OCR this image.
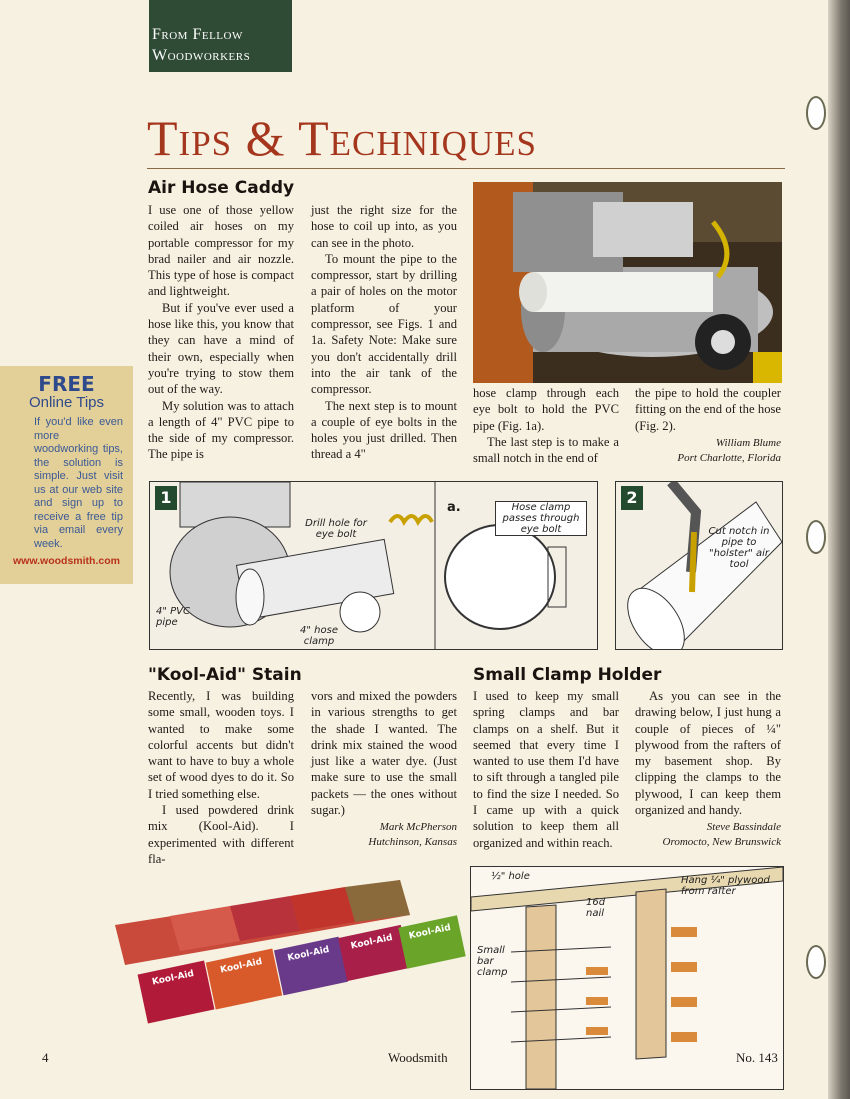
From Fellow
Woodworkers
Tips & Techniques
FREE
Online Tips
If you'd like even more woodworking tips, the solution is simple. Just visit us at our web site and sign up to receive a free tip via email every week.
www.woodsmith.com
Air Hose Caddy

I use one of those yellow coiled air hoses on my portable compressor for my brad nailer and air nozzle. This type of hose is compact and lightweight.

But if you've ever used a hose like this, you know that they can have a mind of their own, especially when you're trying to stow them out of the way.

My solution was to attach a length of 4" PVC pipe to the side of my compressor. The pipe is

just the right size for the hose to coil up into, as you can see in the photo.

To mount the pipe to the compressor, start by drilling a pair of holes on the motor platform of your compressor, see Figs. 1 and 1a. Safety Note: Make sure you don't accidentally drill into the air tank of the compressor.

The next step is to mount a couple of eye bolts in the holes you just drilled. Then thread a 4"

hose clamp through each eye bolt to hold the PVC pipe (Fig. 1a).

The last step is to make a small notch in the end of

the pipe to hold the coupler fitting on the end of the hose (Fig. 2).

William Blume
Port Charlotte, Florida
1
Drill hole for eye bolt
4" PVC pipe
4" hose clamp
a.	Hose clamp passes through eye bolt
2
Cut notch in pipe to "holster" air tool
"Kool-Aid" Stain

Recently, I was building some small, wooden toys. I wanted to make some colorful accents but didn't want to have to buy a whole set of wood dyes to do it. So I tried something else.

I used powdered drink mix (Kool-Aid). I experimented with different fla-

vors and mixed the powders in various strengths to get the shade I wanted. The drink mix stained the wood just like a water dye. (Just make sure to use the small packets — the ones without sugar.)

Mark McPherson
Hutchinson, Kansas
Kool-Aid
Kool-Aid
Kool-Aid
Kool-Aid
Kool-Aid
Small Clamp Holder

I used to keep my small spring clamps and bar clamps on a shelf. But it seemed that every time I wanted to use them I'd have to sift through a tangled pile to find the size I needed. So I came up with a quick solution to keep them all organized and within reach.

As you can see in the drawing below, I just hung a couple of pieces of ¼" plywood from the rafters of my basement shop. By clipping the clamps to the plywood, I can keep them organized and handy.

Steve Bassindale
Oromocto, New Brunswick
½" hole
16d nail
Small bar clamp
Hang ¼" plywood from rafter
4	Woodsmith	No. 143
